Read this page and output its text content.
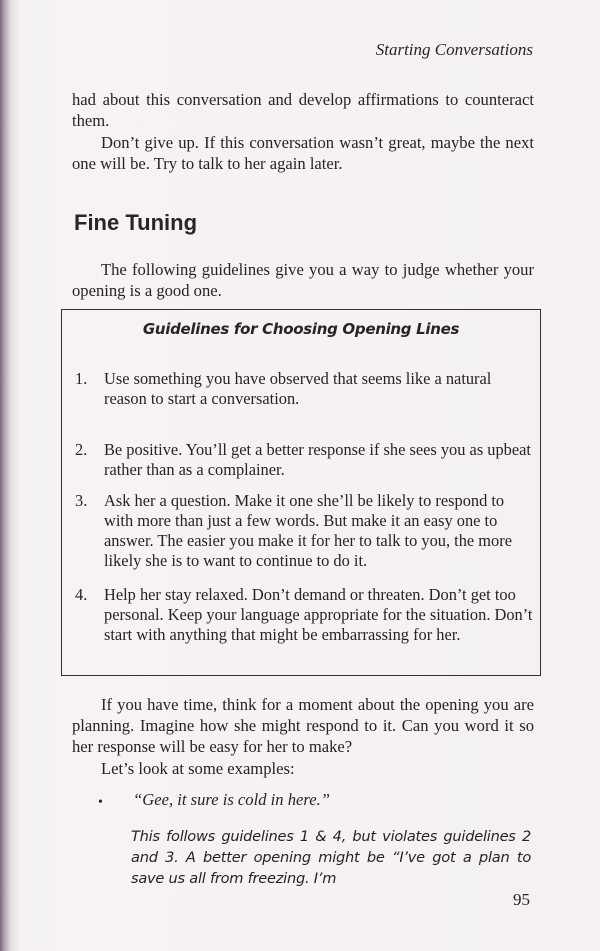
Starting Conversations
had about this conversation and develop affirmations to counteract them.
Don’t give up. If this conversation wasn’t great, maybe the next one will be. Try to talk to her again later.
Fine Tuning
The following guidelines give you a way to judge whether your opening is a good one.
Guidelines for Choosing Opening Lines
1. Use something you have observed that seems like a natural reason to start a conversation.
2. Be positive. You’ll get a better response if she sees you as upbeat rather than as a complainer.
3. Ask her a question. Make it one she’ll be likely to respond to with more than just a few words. But make it an easy one to answer. The easier you make it for her to talk to you, the more likely she is to want to continue to do it.
4. Help her stay relaxed. Don’t demand or threaten. Don’t get too personal. Keep your language appropriate for the situation. Don’t start with anything that might be embarrassing for her.
If you have time, think for a moment about the opening you are planning. Imagine how she might respond to it. Can you word it so her response will be easy for her to make?
Let’s look at some examples:
• “Gee, it sure is cold in here.”
This follows guidelines 1 & 4, but violates guidelines 2 and 3. A better opening might be “I’ve got a plan to save us all from freezing. I’m
95
